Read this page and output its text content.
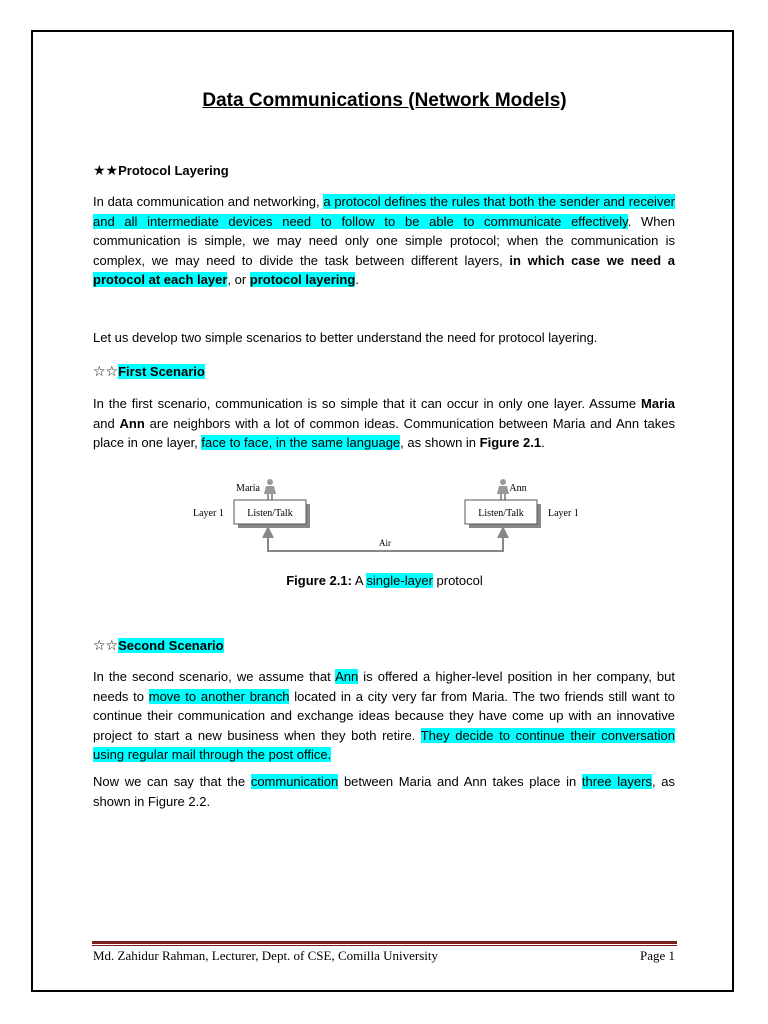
Data Communications (Network Models)

★★Protocol Layering

In data communication and networking, a protocol defines the rules that both the sender and receiver and all intermediate devices need to follow to be able to communicate effectively. When communication is simple, we may need only one simple protocol; when the communication is complex, we may need to divide the task between different layers, in which case we need a protocol at each layer, or protocol layering.

Let us develop two simple scenarios to better understand the need for protocol layering.

☆☆First Scenario

In the first scenario, communication is so simple that it can occur in only one layer. Assume Maria and Ann are neighbors with a lot of common ideas. Communication between Maria and Ann takes place in one layer, face to face, in the same language, as shown in Figure 2.1.

Maria	Ann
Listen/Talk	Listen/Talk
Layer 1	Layer 1
Air

Figure 2.1: A single-layer protocol

☆☆Second Scenario

In the second scenario, we assume that Ann is offered a higher-level position in her company, but needs to move to another branch located in a city very far from Maria. The two friends still want to continue their communication and exchange ideas because they have come up with an innovative project to start a new business when they both retire. They decide to continue their conversation using regular mail through the post office.

Now we can say that the communication between Maria and Ann takes place in three layers, as shown in Figure 2.2.

Md. Zahidur Rahman, Lecturer, Dept. of CSE, Comilla University	Page 1
